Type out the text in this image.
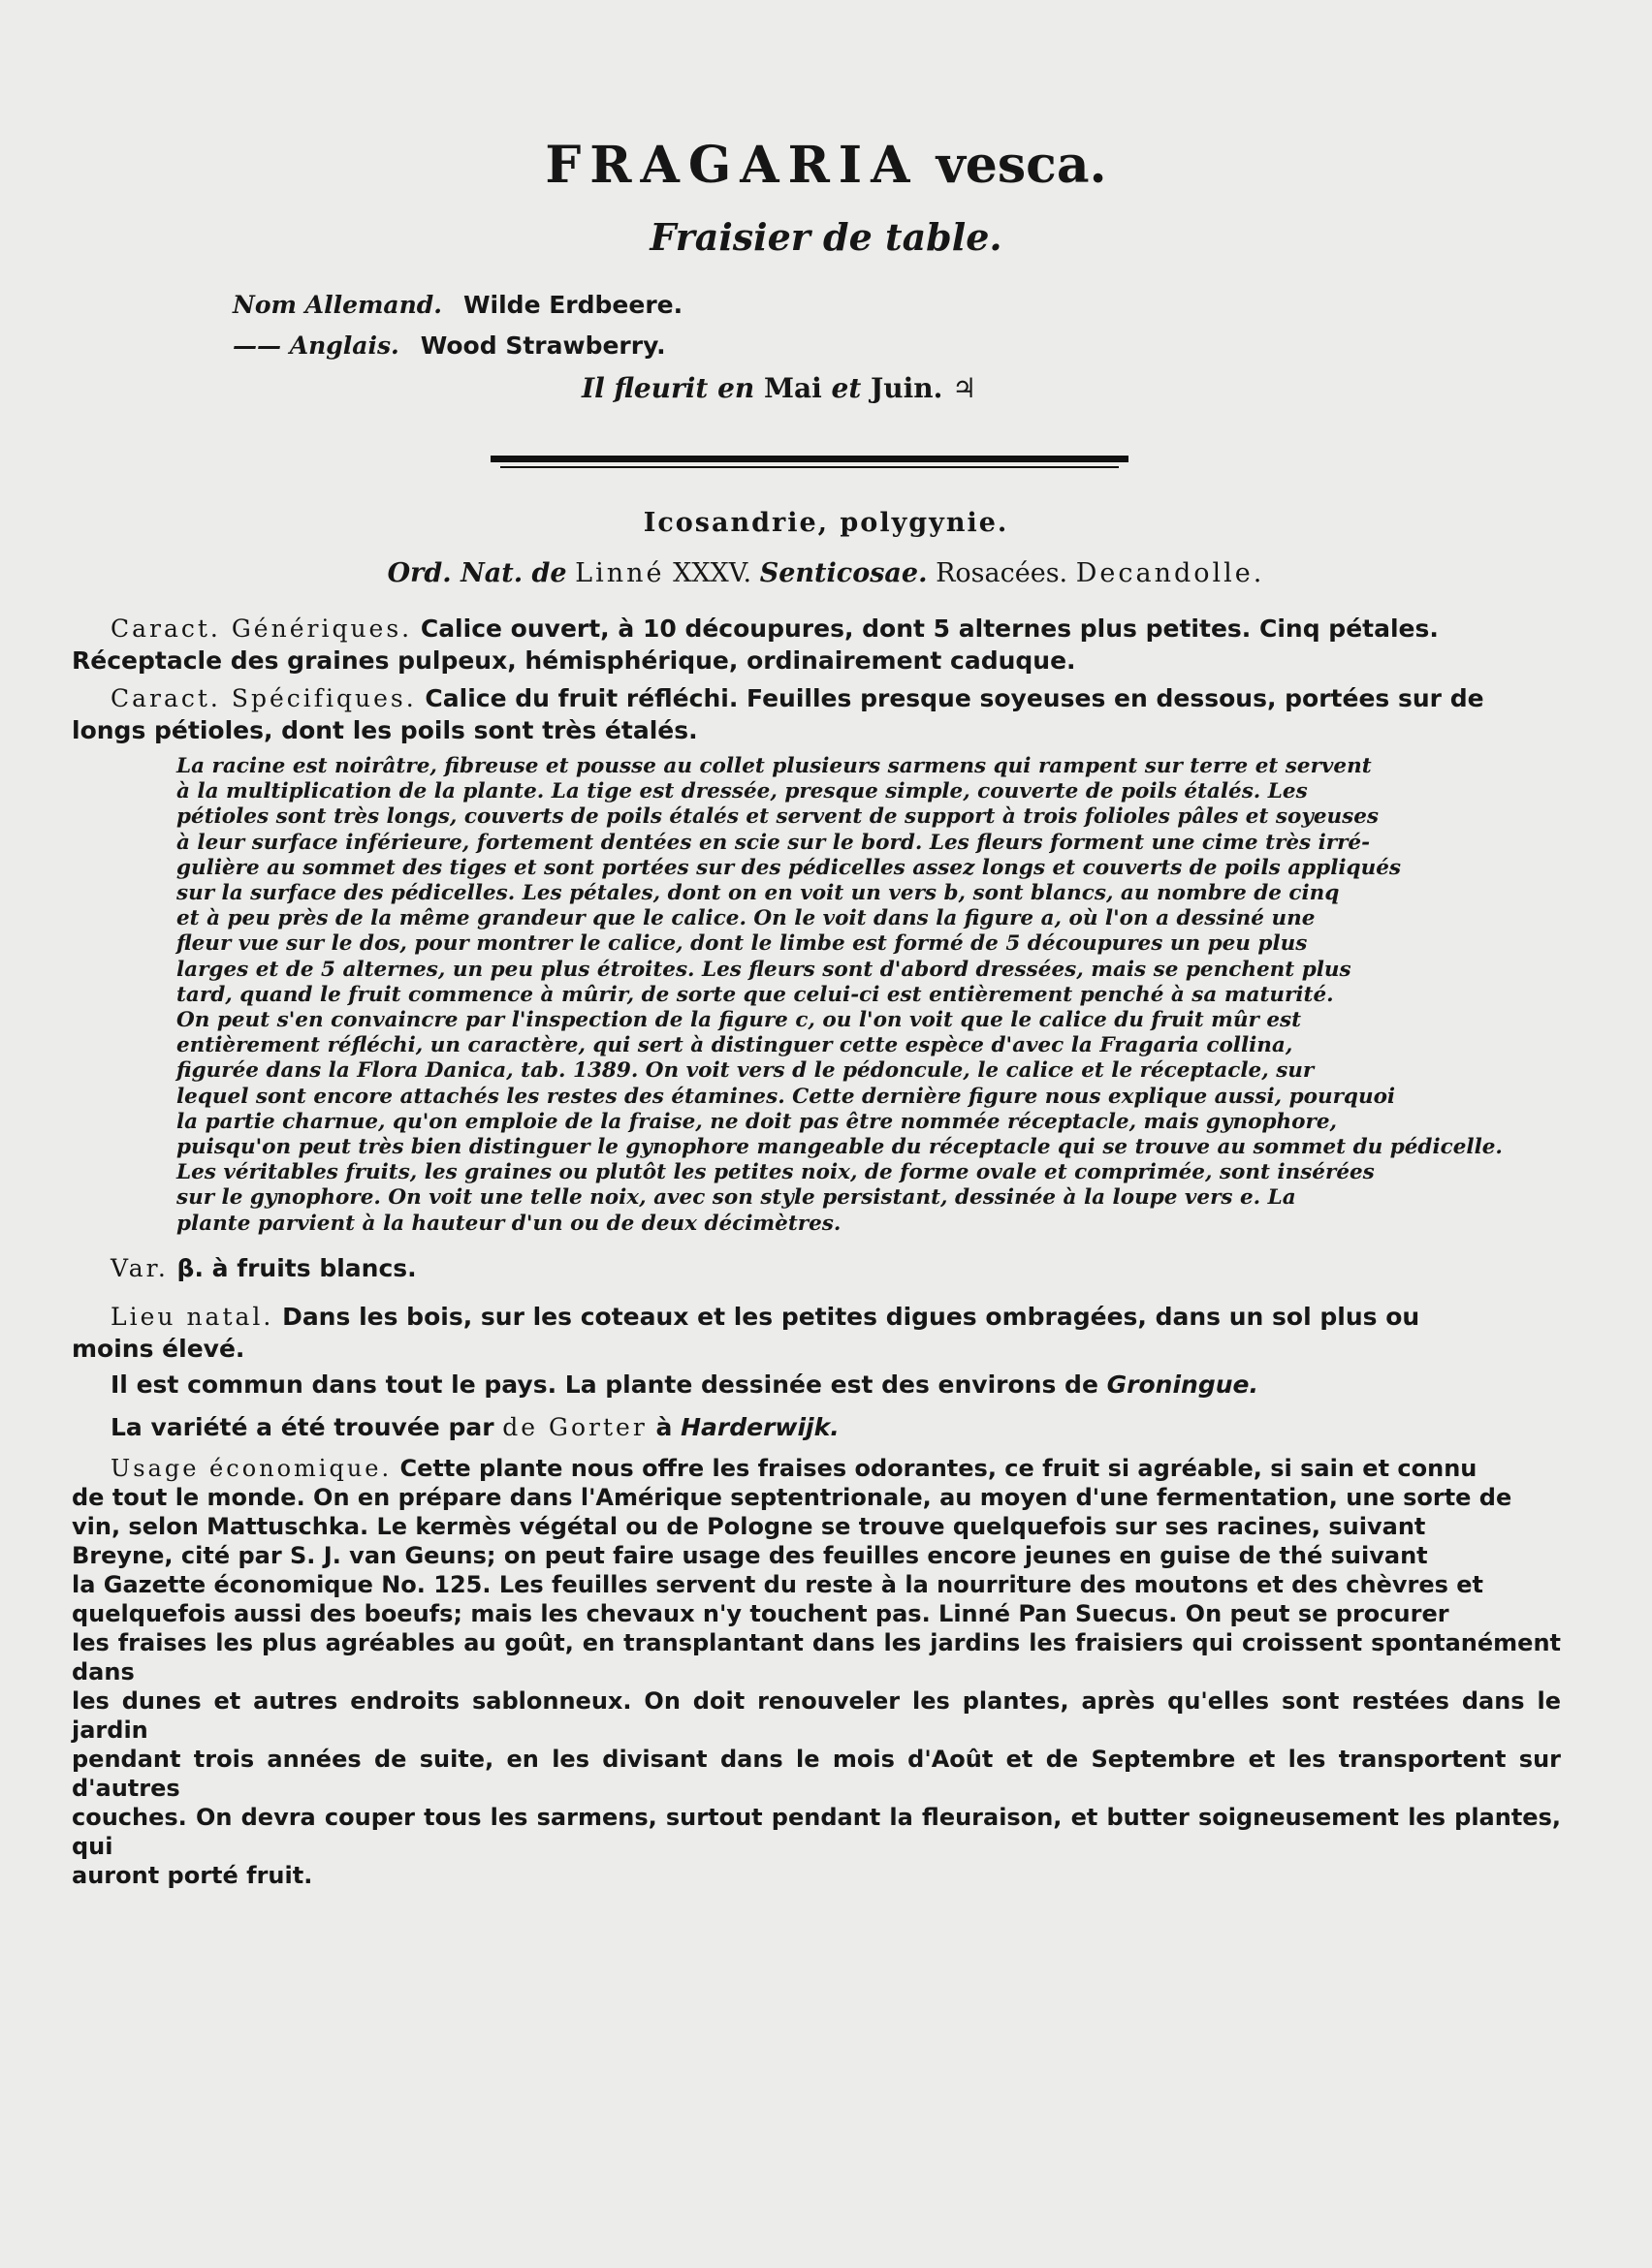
FRAGARIA vesca.
Fraisier de table.
Nom Allemand. Wilde Erdbeere.
—— Anglais. Wood Strawberry.
Il fleurit en Mai et Juin. ♃
Icosandrie, polygynie.
Ord. Nat. de Linné XXXV. Senticosae. Rosacées. Decandolle.
Caract. Génériques. Calice ouvert, à 10 découpures, dont 5 alternes plus petites. Cinq pétales.
Réceptacle des graines pulpeux, hémisphérique, ordinairement caduque.
Caract. Spécifiques. Calice du fruit réfléchi. Feuilles presque soyeuses en dessous, portées sur de
longs pétioles, dont les poils sont très étalés.
La racine est noirâtre, fibreuse et pousse au collet plusieurs sarmens qui rampent sur terre et servent
à la multiplication de la plante. La tige est dressée, presque simple, couverte de poils étalés. Les
pétioles sont très longs, couverts de poils étalés et servent de support à trois folioles pâles et soyeuses
à leur surface inférieure, fortement dentées en scie sur le bord. Les fleurs forment une cime très irré-
gulière au sommet des tiges et sont portées sur des pédicelles assez longs et couverts de poils appliqués
sur la surface des pédicelles. Les pétales, dont on en voit un vers b, sont blancs, au nombre de cinq
et à peu près de la même grandeur que le calice. On le voit dans la figure a, où l'on a dessiné une
fleur vue sur le dos, pour montrer le calice, dont le limbe est formé de 5 découpures un peu plus
larges et de 5 alternes, un peu plus étroites. Les fleurs sont d'abord dressées, mais se penchent plus
tard, quand le fruit commence à mûrir, de sorte que celui-ci est entièrement penché à sa maturité.
On peut s'en convaincre par l'inspection de la figure c, ou l'on voit que le calice du fruit mûr est
entièrement réfléchi, un caractère, qui sert à distinguer cette espèce d'avec la Fragaria collina,
figurée dans la Flora Danica, tab. 1389. On voit vers d le pédoncule, le calice et le réceptacle, sur
lequel sont encore attachés les restes des étamines. Cette dernière figure nous explique aussi, pourquoi
la partie charnue, qu'on emploie de la fraise, ne doit pas être nommée réceptacle, mais gynophore,
puisqu'on peut très bien distinguer le gynophore mangeable du réceptacle qui se trouve au sommet du pédicelle.
Les véritables fruits, les graines ou plutôt les petites noix, de forme ovale et comprimée, sont insérées
sur le gynophore. On voit une telle noix, avec son style persistant, dessinée à la loupe vers e. La
plante parvient à la hauteur d'un ou de deux décimètres.
Var. β. à fruits blancs.
Lieu natal. Dans les bois, sur les coteaux et les petites digues ombragées, dans un sol plus ou
moins élevé.
Il est commun dans tout le pays. La plante dessinée est des environs de Groningue.
La variété a été trouvée par de Gorter à Harderwijk.
Usage économique. Cette plante nous offre les fraises odorantes, ce fruit si agréable, si sain et connu
de tout le monde. On en prépare dans l'Amérique septentrionale, au moyen d'une fermentation, une sorte de
vin, selon Mattuschka. Le kermès végétal ou de Pologne se trouve quelquefois sur ses racines, suivant
Breyne, cité par S. J. van Geuns; on peut faire usage des feuilles encore jeunes en guise de thé suivant
la Gazette économique No. 125. Les feuilles servent du reste à la nourriture des moutons et des chèvres et
quelquefois aussi des boeufs; mais les chevaux n'y touchent pas. Linné Pan Suecus. On peut se procurer
les fraises les plus agréables au goût, en transplantant dans les jardins les fraisiers qui croissent spontanément dans
les dunes et autres endroits sablonneux. On doit renouveler les plantes, après qu'elles sont restées dans le jardin
pendant trois années de suite, en les divisant dans le mois d'Août et de Septembre et les transportent sur d'autres
couches. On devra couper tous les sarmens, surtout pendant la fleuraison, et butter soigneusement les plantes, qui
auront porté fruit.
